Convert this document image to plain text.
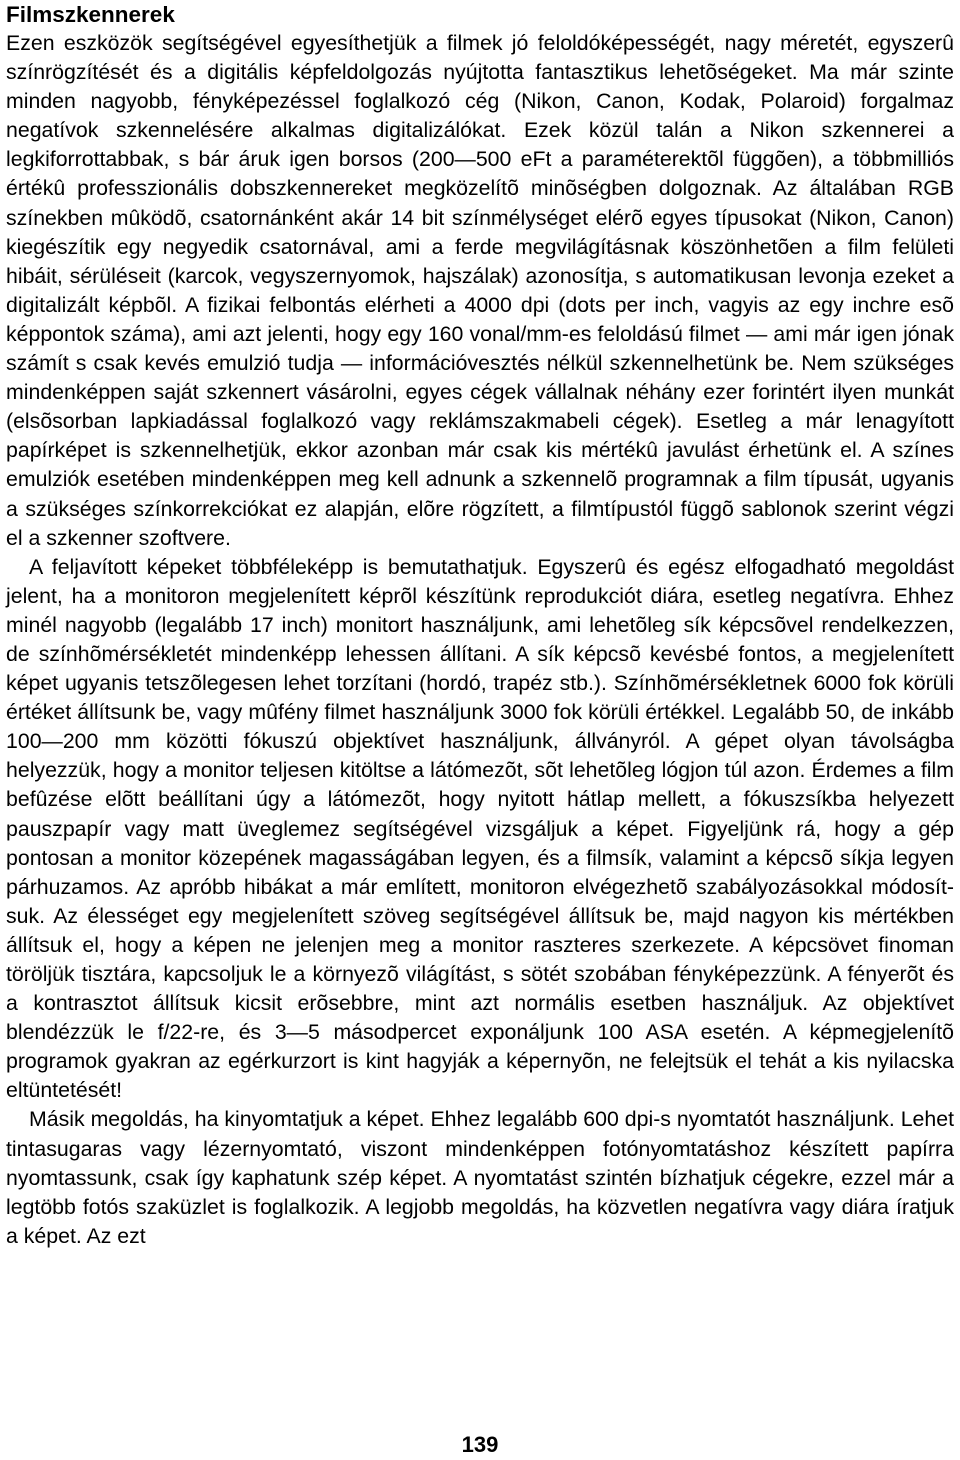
Filmszkennerek

Ezen eszközök segítségével egyesíthetjük a filmek jó feloldóképességét, nagy méretét, egyszerû színrögzítését és a digitális képfeldolgozás nyújtotta fantasztikus lehetõségeket. Ma már szinte minden nagyobb, fényképezéssel foglalkozó cég (Nikon, Canon, Kodak, Polaroid) forgalmaz negatívok szkennelésére alkalmas digitalizálókat. Ezek közül talán a Nikon szkennerei a legkiforrottabbak, s bár áruk igen borsos (200—500 eFt a paraméterektõl függõen), a többmilliós értékû professzionális dobszkennereket megközelítõ minõségben dolgoznak. Az általában RGB színekben mûködõ, csatornánként akár 14 bit színmélységet elérõ egyes típusokat (Nikon, Canon) kiegészítik egy negyedik csatornával, ami a ferde megvilágításnak köszönhetõen a film felületi hibáit, sérüléseit (karcok, vegyszernyomok, hajszálak) azonosítja, s automatikusan levonja ezeket a digitalizált képbõl. A fizikai felbontás elérheti a 4000 dpi (dots per inch, vagyis az egy inchre esõ képpontok száma), ami azt jelenti, hogy egy 160 vonal/mm-es feloldású filmet — ami már igen jónak számít s csak kevés emulzió tudja — információvesztés nélkül szkennelhetünk be. Nem szükséges mindenképpen saját szkennert vásárolni, egyes cégek vállalnak néhány ezer forintért ilyen munkát (elsõsorban lapkiadással foglalkozó vagy reklámszakmabeli cégek). Esetleg a már lenagyított papírképet is szkennelhetjük, ekkor azonban már csak kis mértékû javulást érhetünk el. A színes emulziók esetében mindenképpen meg kell adnunk a szkennelõ programnak a film típusát, ugyanis a szükséges színkorrekciókat ez alapján, elõre rögzített, a filmtípustól függõ sablonok szerint végzi el a szkenner szoftvere.

A feljavított képeket többféleképp is bemutathatjuk. Egyszerû és egész elfogadható megoldást jelent, ha a monitoron megjelenített képrõl készítünk reprodukciót diára, esetleg negatívra. Ehhez minél nagyobb (legalább 17 inch) monitort használjunk, ami lehetõleg sík képcsõvel rendelkezzen, de színhõmérsékletét mindenképp lehessen állítani. A sík képcsõ kevésbé fontos, a megjelenített képet ugyanis tetszõlegesen lehet torzítani (hordó, trapéz stb.). Színhõmérsékletnek 6000 fok körüli értéket állítsunk be, vagy mûfény filmet használjunk 3000 fok körüli értékkel. Legalább 50, de inkább 100—200 mm közötti fókuszú objektívet használjunk, állványról. A gépet olyan távolságba helyezzük, hogy a monitor teljesen kitöltse a látómezõt, sõt lehetõleg lógjon túl azon. Érdemes a film befûzése elõtt beállítani úgy a látómezõt, hogy nyitott hátlap mellett, a fókuszsíkba helyezett pauszpapír vagy matt üveglemez segítségével vizsgáljuk a képet. Figyeljünk rá, hogy a gép pontosan a monitor közepének magasságában legyen, és a filmsík, valamint a képcsõ síkja legyen párhuzamos. Az apróbb hibákat a már említett, monitoron elvégezhetõ szabályozásokkal módosítsuk. Az élességet egy megjelenített szöveg segítségével állítsuk be, majd nagyon kis mértékben állítsuk el, hogy a képen ne jelenjen meg a monitor raszteres szerkezete. A képcsövet finoman töröljük tisztára, kapcsoljuk le a környezõ világítást, s sötét szobában fényképezzünk. A fényerõt és a kontrasztot állítsuk kicsit erõsebbre, mint azt normális esetben használjuk. Az objektívet blendézzük le f/22-re, és 3—5 másodpercet exponáljunk 100 ASA esetén. A képmegjelenítõ programok gyakran az egérkurzort is kint hagyják a képernyõn, ne felejtsük el tehát a kis nyilacska eltüntetését!

Másik megoldás, ha kinyomtatjuk a képet. Ehhez legalább 600 dpi-s nyomtatót használjunk. Lehet tintasugaras vagy lézernyomtató, viszont mindenképpen fotónyomtatáshoz készített papírra nyomtassunk, csak így kaphatunk szép képet. A nyomtatást szintén bízhatjuk cégekre, ezzel már a legtöbb fotós szaküzlet is foglalkozik. A legjobb megoldás, ha közvetlen negatívra vagy diára íratjuk a képet. Az ezt

139
